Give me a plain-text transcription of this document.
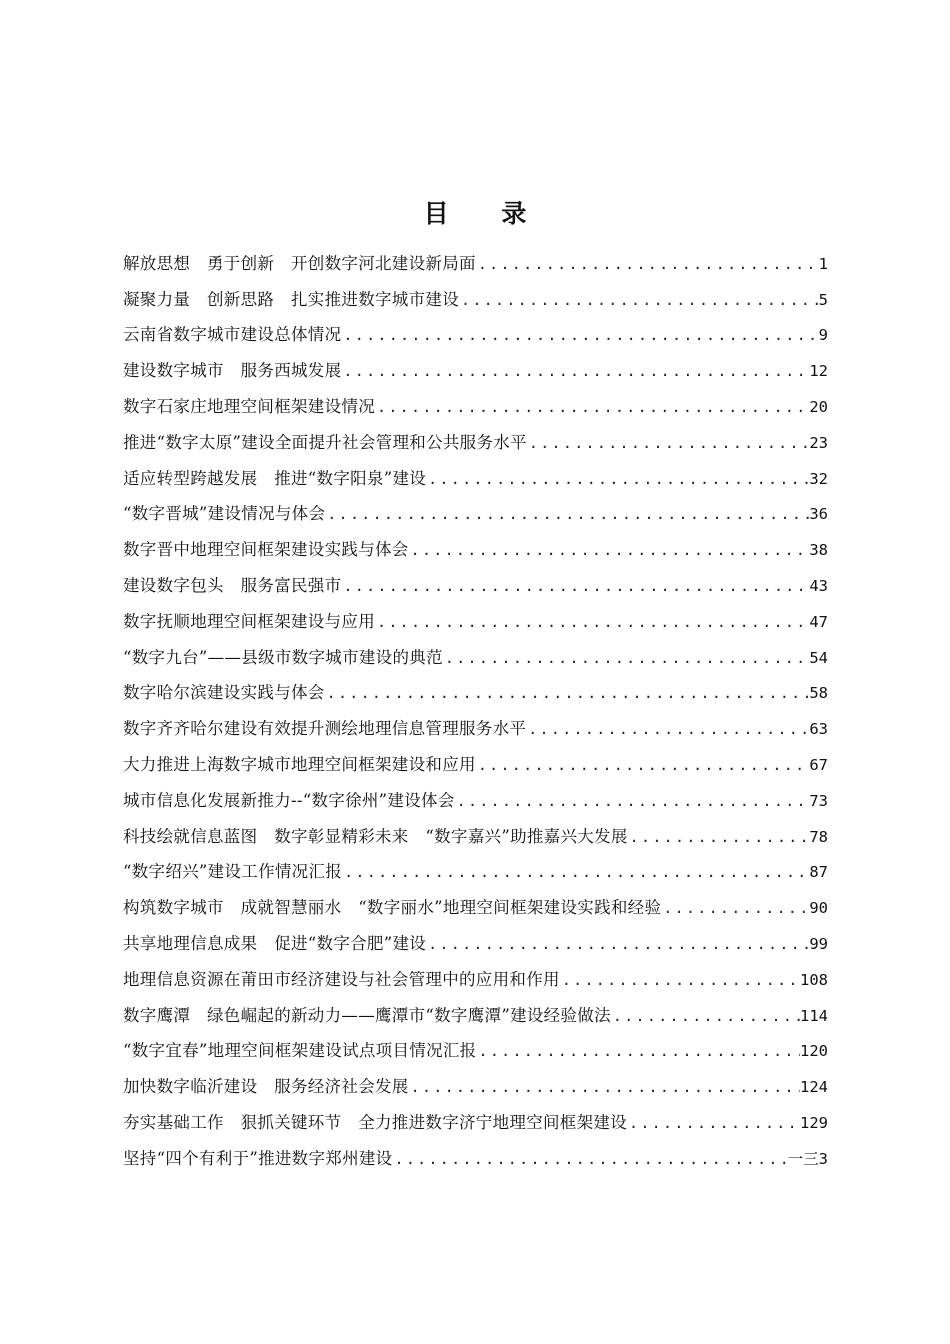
目 录
解放思想　勇于创新　开创数字河北建设新局面 .....	1
凝聚力量　创新思路　扎实推进数字城市建设 .....	5
云南省数字城市建设总体情况 .....	9
建设数字城市　服务西城发展 .....	12
数字石家庄地理空间框架建设情况 .....	20
推进“数字太原”建设全面提升社会管理和公共服务水平 .....	23
适应转型跨越发展　推进“数字阳泉”建设 .....	32
“数字晋城”建设情况与体会 .....	36
数字晋中地理空间框架建设实践与体会 .....	38
建设数字包头　服务富民强市 .....	43
数字抚顺地理空间框架建设与应用 .....	47
“数字九台”——县级市数字城市建设的典范 .....	54
数字哈尔滨建设实践与体会 .....	58
数字齐齐哈尔建设有效提升测绘地理信息管理服务水平 .....	63
大力推进上海数字城市地理空间框架建设和应用 .....	67
城市信息化发展新推力--“数字徐州”建设体会 .....	73
科技绘就信息蓝图　数字彰显精彩未来　“数字嘉兴”助推嘉兴大发展 .....	78
“数字绍兴”建设工作情况汇报 .....	87
构筑数字城市　成就智慧丽水　“数字丽水”地理空间框架建设实践和经验 .....	90
共享地理信息成果　促进“数字合肥”建设 .....	99
地理信息资源在莆田市经济建设与社会管理中的应用和作用 .....	108
数字鹰潭　绿色崛起的新动力——鹰潭市“数字鹰潭”建设经验做法 .....	114
“数字宜春”地理空间框架建设试点项目情况汇报 .....	120
加快数字临沂建设　服务经济社会发展 .....	124
夯实基础工作　狠抓关键环节　全力推进数字济宁地理空间框架建设 .....	129
坚持“四个有利于”推进数字郑州建设 .....	一三3
